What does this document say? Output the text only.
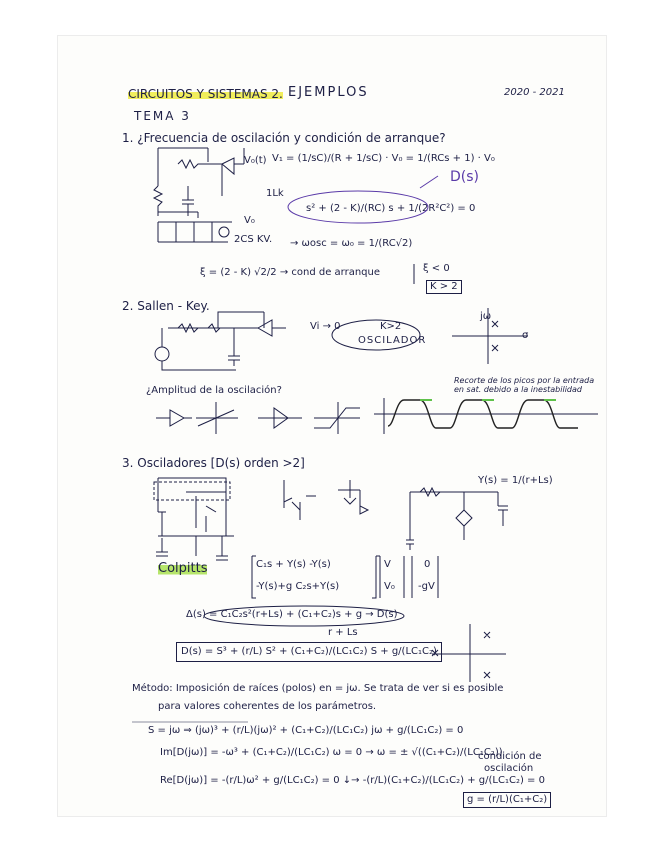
CIRCUITOS Y SISTEMAS 2. EJEMPLOS	2020 - 2021
TEMA 3
1. ¿Frecuencia de oscilación y condición de arranque?
V₁ = (1/sC)/(R + 1/sC) · V₀ = 1/(RCs + 1) · V₀
D(s)
1Lk
V₀(t)
s² + (2 - K)/(RC) s + 1/(2R²C²) = 0
V₀
2CS KV. → ωosc = ω₀ = 1/(RC√2)
ξ = (2 - K) √2/2 → cond de arranque	ξ < 0
K > 2
2. Sallen - Key.
Vi → 0	K>2
OSCILADOR
jω
σ
¿Amplitud de la oscilación?
Recorte de los picos por la entrada en sat. debido a la inestabilidad
3. Osciladores [D(s) orden >2]
Y(s) = 1/(r+Ls)
Colpitts	C₁s + Y(s) -Y(s)
-Y(s)+g C₂s+Y(s)
V
V₀
0
-gV
Δ(s) = C₁C₂s²(r+Ls) + (C₁+C₂)s + g → D(s)
r + Ls
D(s) = S³ + (r/L) S² + (C₁+C₂)/(LC₁C₂) S + g/(LC₁C₂)
Método: Imposición de raíces (polos) en = jω. Se trata de ver si es posible
para valores coherentes de los parámetros.
S = jω ⇒ (jω)³ + (r/L)(jω)² + (C₁+C₂)/(LC₁C₂) jω + g/(LC₁C₂) = 0
Im[D(jω)] = -ω³ + (C₁+C₂)/(LC₁C₂) ω = 0 → ω = ± √((C₁+C₂)/(LC₁C₂))
Re[D(jω)] = -(r/L)ω² + g/(LC₁C₂) = 0 ↓→ -(r/L)(C₁+C₂)/(LC₁C₂) + g/(LC₁C₂) = 0
g = (r/L)(C₁+C₂)
condición de
oscilación
